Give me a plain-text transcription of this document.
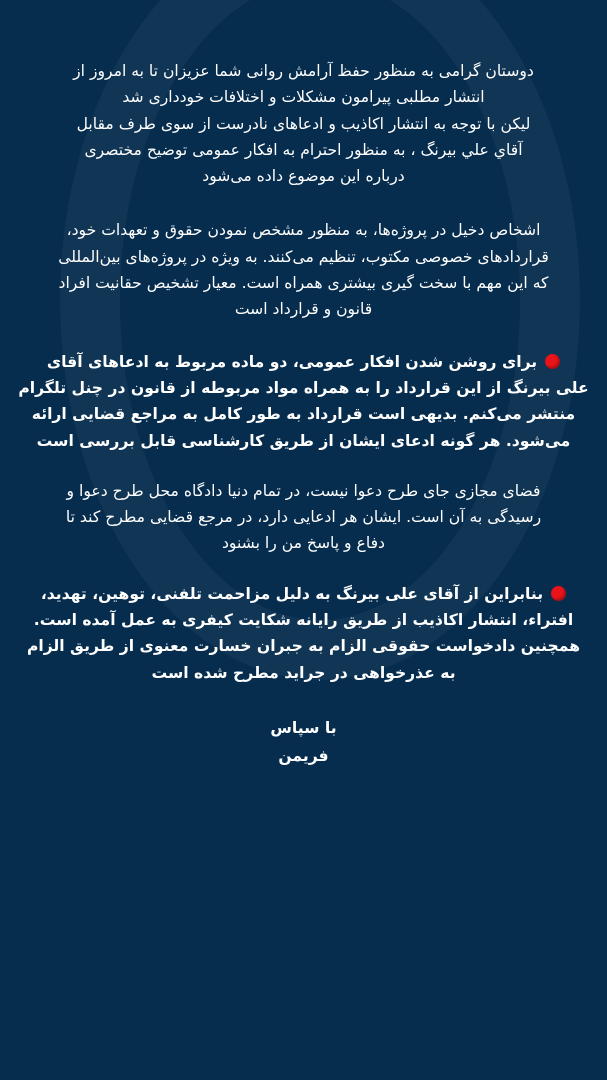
دوستان گرامی به منظور حفظ آرامش روانی شما عزیزان تا به امروز از
انتشار مطلبی پیرامون مشکلات و اختلافات خودداری شد
لیکن با توجه به انتشار اکاذیب و ادعاهای نادرست از سوی طرف مقابل
آقاي علي بيرنگ ، به منظور احترام به افکار عمومی توضیح مختصری
درباره این موضوع داده می‌شود

اشخاص دخیل در پروژه‌ها، به منظور مشخص نمودن حقوق و تعهدات خود،
قراردادهای خصوصی مکتوب، تنظیم می‌کنند. به ویژه در پروژه‌های بین‌المللی
که این مهم با سخت گیری بیشتری همراه است. معیار تشخیص حقانیت افراد
قانون و قرارداد است

برای روشن شدن افکار عمومی، دو ماده مربوط به ادعاهای آقای
علی بیرنگ از این قرارداد را به همراه مواد مربوطه از قانون در چنل تلگرام
منتشر می‌کنم. بدیهی است قرارداد به طور کامل به مراجع قضایی ارائه
می‌شود. هر گونه ادعای ایشان از طریق کارشناسی قابل بررسی است

فضای مجازی جای طرح دعوا نیست، در تمام دنیا دادگاه محل طرح دعوا و
رسیدگی به آن است. ایشان هر ادعایی دارد، در مرجع قضایی مطرح کند تا
دفاع و پاسخ من را بشنود

بنابراین از آقای علی بیرنگ به دلیل مزاحمت تلفنی، توهین، تهدید،
افتراء، انتشار اکاذیب از طریق رایانه شکایت کیفری به عمل آمده است.
همچنین دادخواست حقوقی الزام به جبران خسارت معنوی از طریق الزام
به عذرخواهی در جراید مطرح شده است

با سپاس
فریمن
